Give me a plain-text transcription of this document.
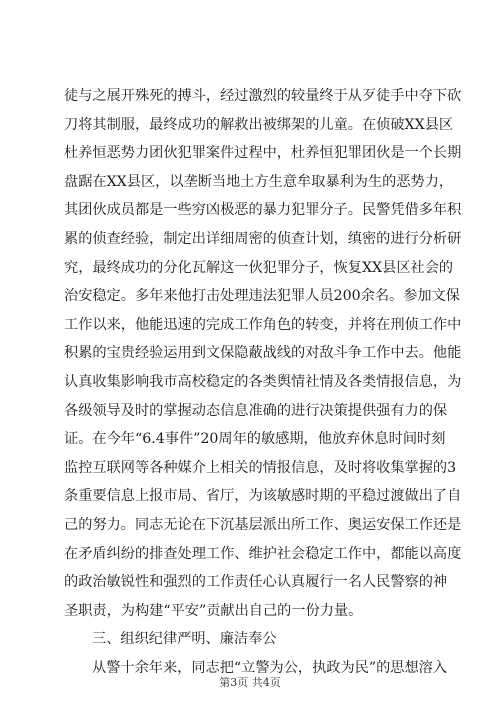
徒与之展开殊死的搏斗，经过激烈的较量终于从歹徒手中夺下砍
刀将其制服，最终成功的解救出被绑架的儿童。在侦破XX县区
杜养恒恶势力团伙犯罪案件过程中，杜养恒犯罪团伙是一个长期
盘踞在XX县区，以垄断当地土方生意牟取暴利为生的恶势力，
其团伙成员都是一些穷凶极恶的暴力犯罪分子。民警凭借多年积
累的侦查经验，制定出详细周密的侦查计划，缜密的进行分析研
究，最终成功的分化瓦解这一伙犯罪分子，恢复XX县区社会的
治安稳定。多年来他打击处理违法犯罪人员200余名。参加文保
工作以来，他能迅速的完成工作角色的转变，并将在刑侦工作中
积累的宝贵经验运用到文保隐蔽战线的对敌斗争工作中去。他能
认真收集影响我市高校稳定的各类舆情社情及各类情报信息，为
各级领导及时的掌握动态信息准确的进行决策提供强有力的保
证。在今年“6.4事件”20周年的敏感期，他放弃休息时间时刻
监控互联网等各种媒介上相关的情报信息，及时将收集掌握的3
条重要信息上报市局、省厅，为该敏感时期的平稳过渡做出了自
己的努力。同志无论在下沉基层派出所工作、奥运安保工作还是
在矛盾纠纷的排查处理工作、维护社会稳定工作中，都能以高度
的政治敏锐性和强烈的工作责任心认真履行一名人民警察的神
圣职责，为构建“平安”贡献出自己的一份力量。
三、组织纪律严明、廉洁奉公
从警十余年来，同志把“立警为公，执政为民”的思想溶入
第3页 共4页
